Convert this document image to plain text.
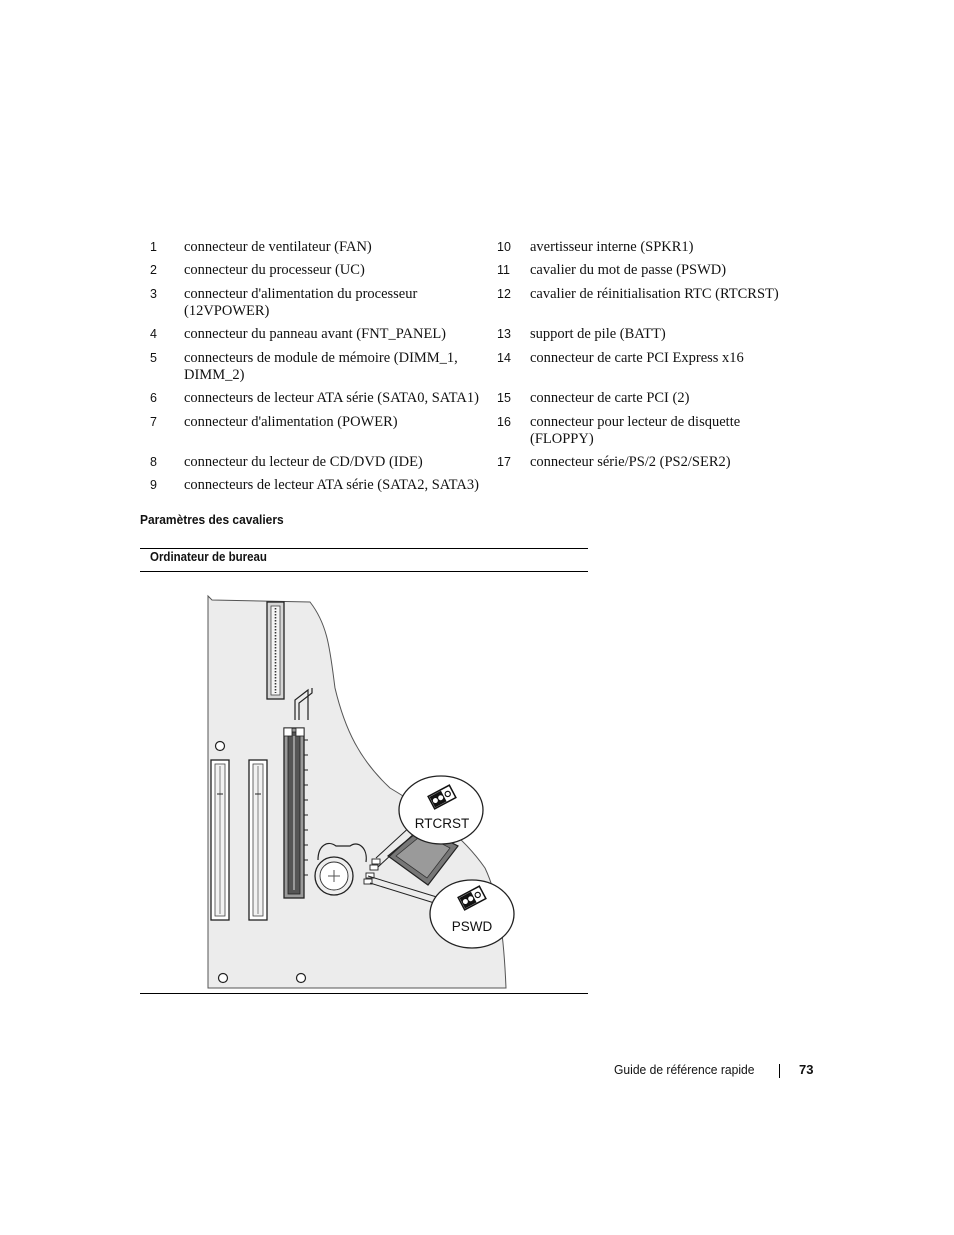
1 connecteur de ventilateur (FAN)
2 connecteur du processeur (UC)
3 connecteur d'alimentation du processeur (12VPOWER)
4 connecteur du panneau avant (FNT_PANEL)
5 connecteurs de module de mémoire (DIMM_1, DIMM_2)
6 connecteurs de lecteur ATA série (SATA0, SATA1)
7 connecteur d'alimentation (POWER)
8 connecteur du lecteur de CD/DVD (IDE)
9 connecteurs de lecteur ATA série (SATA2, SATA3)
10 avertisseur interne (SPKR1)
11 cavalier du mot de passe (PSWD)
12 cavalier de réinitialisation RTC (RTCRST)
13 support de pile (BATT)
14 connecteur de carte PCI Express x16
15 connecteur de carte PCI (2)
16 connecteur pour lecteur de disquette (FLOPPY)
17 connecteur série/PS/2 (PS2/SER2)
Paramètres des cavaliers
Ordinateur de bureau
RTCRST
PSWD
Guide de référence rapide	73
